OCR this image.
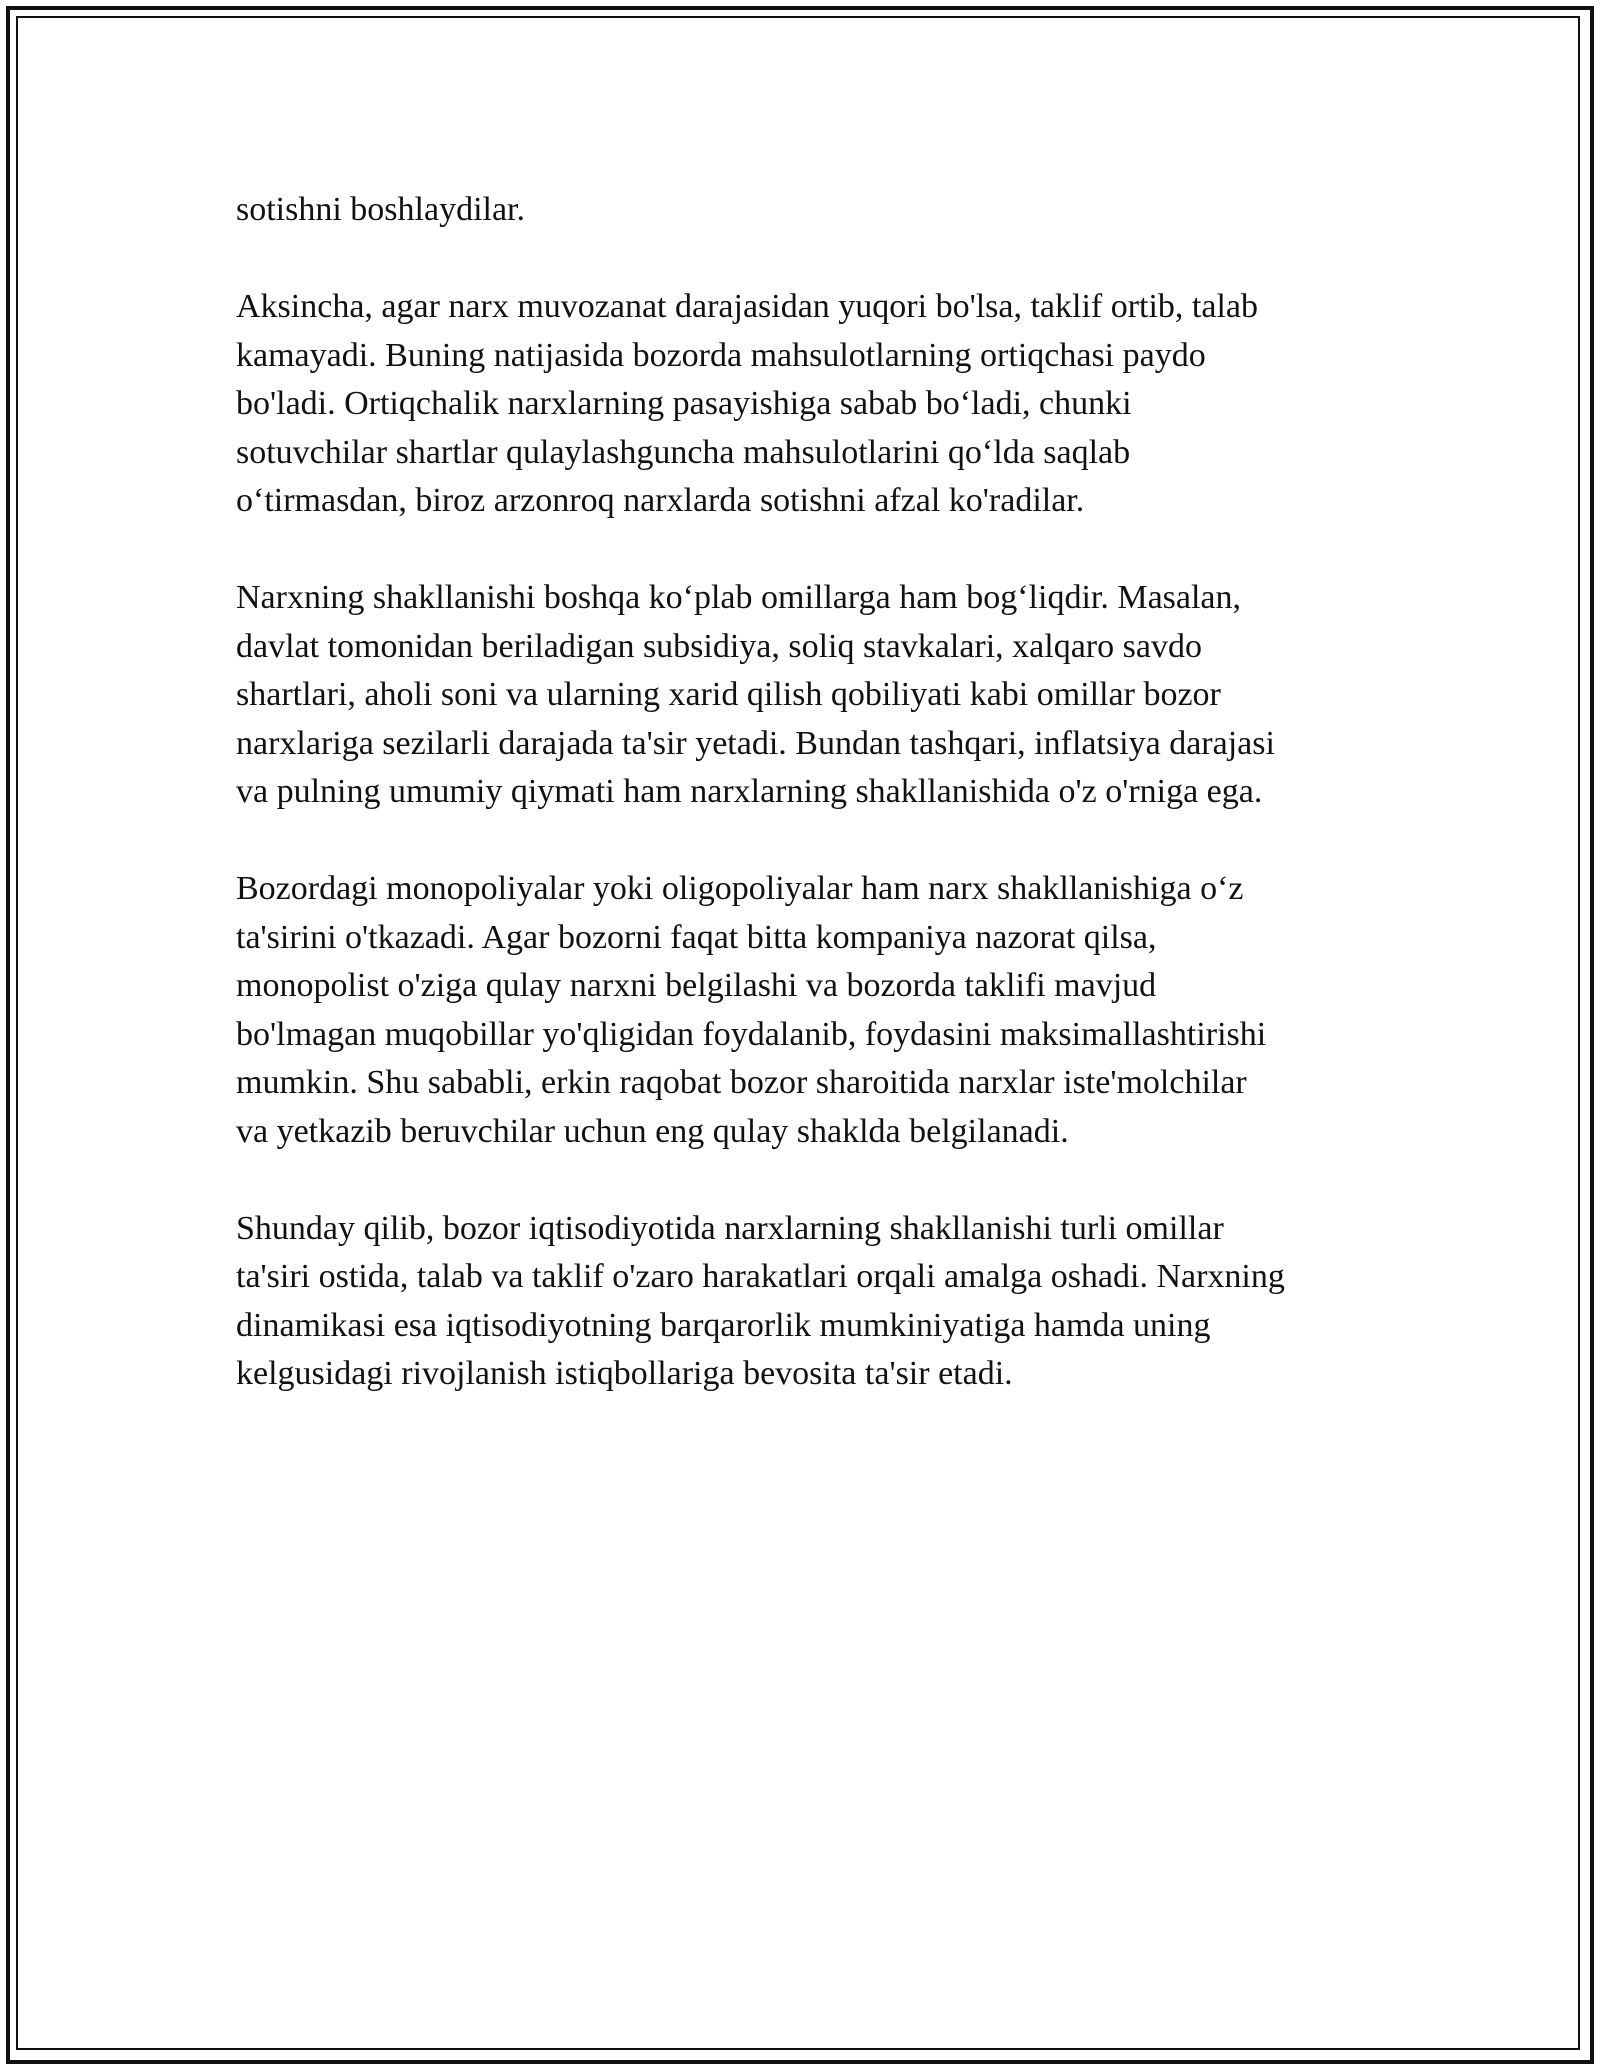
sotishni boshlaydilar.

Aksincha, agar narx muvozanat darajasidan yuqori bo'lsa, taklif ortib, talab
kamayadi. Buning natijasida bozorda mahsulotlarning ortiqchasi paydo
bo'ladi. Ortiqchalik narxlarning pasayishiga sabab bo‘ladi, chunki
sotuvchilar shartlar qulaylashguncha mahsulotlarini qo‘lda saqlab
o‘tirmasdan, biroz arzonroq narxlarda sotishni afzal ko'radilar.

Narxning shakllanishi boshqa ko‘plab omillarga ham bog‘liqdir. Masalan,
davlat tomonidan beriladigan subsidiya, soliq stavkalari, xalqaro savdo
shartlari, aholi soni va ularning xarid qilish qobiliyati kabi omillar bozor
narxlariga sezilarli darajada ta'sir yetadi. Bundan tashqari, inflatsiya darajasi
va pulning umumiy qiymati ham narxlarning shakllanishida o'z o'rniga ega.

Bozordagi monopoliyalar yoki oligopoliyalar ham narx shakllanishiga o‘z
ta'sirini o'tkazadi. Agar bozorni faqat bitta kompaniya nazorat qilsa,
monopolist o'ziga qulay narxni belgilashi va bozorda taklifi mavjud
bo'lmagan muqobillar yo'qligidan foydalanib, foydasini maksimallashtirishi
mumkin. Shu sababli, erkin raqobat bozor sharoitida narxlar iste'molchilar
va yetkazib beruvchilar uchun eng qulay shaklda belgilanadi.

Shunday qilib, bozor iqtisodiyotida narxlarning shakllanishi turli omillar
ta'siri ostida, talab va taklif o'zaro harakatlari orqali amalga oshadi. Narxning
dinamikasi esa iqtisodiyotning barqarorlik mumkiniyatiga hamda uning
kelgusidagi rivojlanish istiqbollariga bevosita ta'sir etadi.
